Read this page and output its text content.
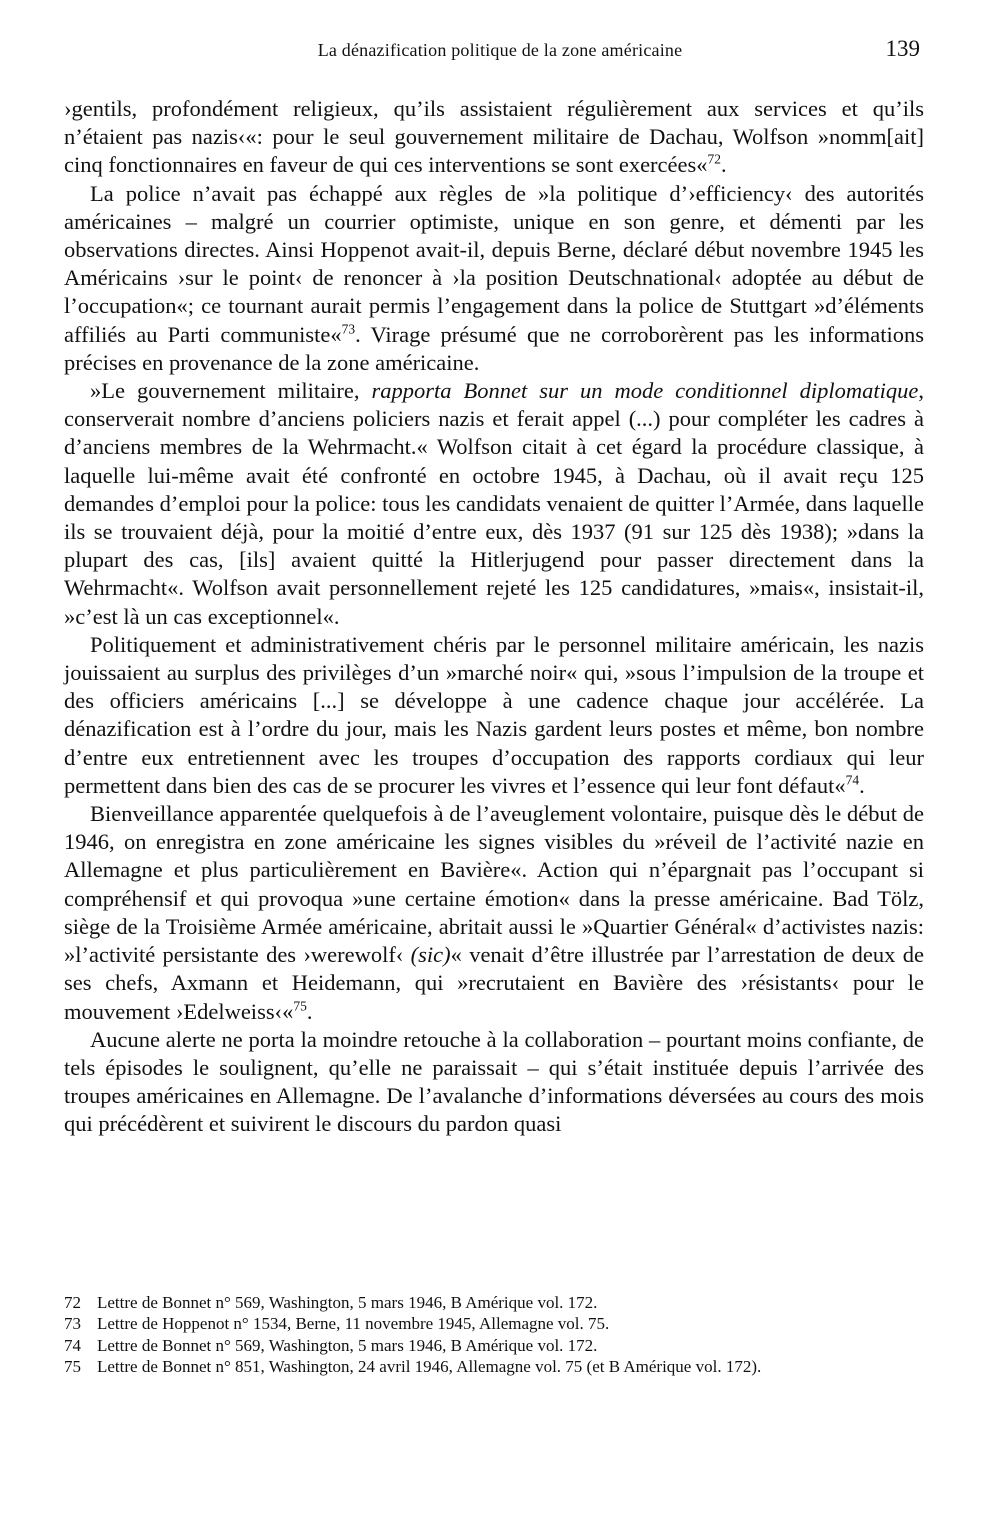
La dénazification politique de la zone américaine	139

›gentils, profondément religieux, qu’ils assistaient régulièrement aux services et qu’ils n’étaient pas nazis‹«: pour le seul gouvernement militaire de Dachau, Wolfson »nomm[ait] cinq fonctionnaires en faveur de qui ces interventions se sont exercées«$^{72}$.

La police n’avait pas échappé aux règles de »la politique d’›efficiency‹ des autorités américaines – malgré un courrier optimiste, unique en son genre, et démenti par les observations directes. Ainsi Hoppenot avait-il, depuis Berne, déclaré début novembre 1945 les Américains ›sur le point‹ de renoncer à ›la position Deutschnational‹ adoptée au début de l’occupation«; ce tournant aurait permis l’engagement dans la police de Stuttgart »d’éléments affiliés au Parti communiste«$^{73}$. Virage présumé que ne corroborèrent pas les informations précises en provenance de la zone américaine.

»Le gouvernement militaire, rapporta Bonnet sur un mode conditionnel diplomatique, conserverait nombre d’anciens policiers nazis et ferait appel (...) pour compléter les cadres à d’anciens membres de la Wehrmacht.« Wolfson citait à cet égard la procédure classique, à laquelle lui-même avait été confronté en octobre 1945, à Dachau, où il avait reçu 125 demandes d’emploi pour la police: tous les candidats venaient de quitter l’Armée, dans laquelle ils se trouvaient déjà, pour la moitié d’entre eux, dès 1937 (91 sur 125 dès 1938); »dans la plupart des cas, [ils] avaient quitté la Hitlerjugend pour passer directement dans la Wehrmacht«. Wolfson avait personnellement rejeté les 125 candidatures, »mais«, insistait-il, »c’est là un cas exceptionnel«.

Politiquement et administrativement chéris par le personnel militaire américain, les nazis jouissaient au surplus des privilèges d’un »marché noir« qui, »sous l’impulsion de la troupe et des officiers américains [...] se développe à une cadence chaque jour accélérée. La dénazification est à l’ordre du jour, mais les Nazis gardent leurs postes et même, bon nombre d’entre eux entretiennent avec les troupes d’occupation des rapports cordiaux qui leur permettent dans bien des cas de se procurer les vivres et l’essence qui leur font défaut«$^{74}$.

Bienveillance apparentée quelquefois à de l’aveuglement volontaire, puisque dès le début de 1946, on enregistra en zone américaine les signes visibles du »réveil de l’activité nazie en Allemagne et plus particulièrement en Bavière«. Action qui n’épargnait pas l’occupant si compréhensif et qui provoqua »une certaine émotion« dans la presse américaine. Bad Tölz, siège de la Troisième Armée américaine, abritait aussi le »Quartier Général« d’activistes nazis: »l’activité persistante des ›werewolf‹ (sic)« venait d’être illustrée par l’arrestation de deux de ses chefs, Axmann et Heidemann, qui »recrutaient en Bavière des ›résistants‹ pour le mouvement ›Edelweiss‹«$^{75}$.

Aucune alerte ne porta la moindre retouche à la collaboration – pourtant moins confiante, de tels épisodes le soulignent, qu’elle ne paraissait – qui s’était instituée depuis l’arrivée des troupes américaines en Allemagne. De l’avalanche d’informations déversées au cours des mois qui précédèrent et suivirent le discours du pardon quasi

72 Lettre de Bonnet n° 569, Washington, 5 mars 1946, B Amérique vol. 172.

73 Lettre de Hoppenot n° 1534, Berne, 11 novembre 1945, Allemagne vol. 75.

74 Lettre de Bonnet n° 569, Washington, 5 mars 1946, B Amérique vol. 172.

75 Lettre de Bonnet n° 851, Washington, 24 avril 1946, Allemagne vol. 75 (et B Amérique vol. 172).
